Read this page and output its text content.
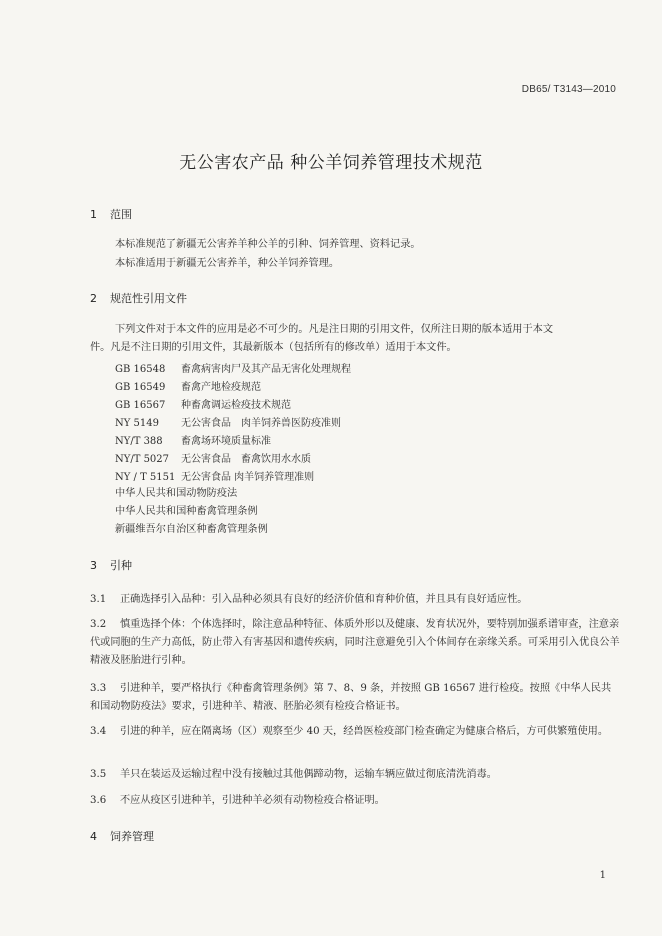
DB65/ T3143—2010
无公害农产品 种公羊饲养管理技术规范
1 范围
本标准规范了新疆无公害养羊种公羊的引种、饲养管理、资料记录。
本标准适用于新疆无公害养羊，种公羊饲养管理。
2 规范性引用文件
下列文件对于本文件的应用是必不可少的。凡是注日期的引用文件，仅所注日期的版本适用于本文
件。凡是不注日期的引用文件，其最新版本（包括所有的修改单）适用于本文件。
GB 16548 畜禽病害肉尸及其产品无害化处理规程
GB 16549 畜禽产地检疫规范
GB 16567 种畜禽调运检疫技术规范
NY 5149 无公害食品　肉羊饲养兽医防疫准则
NY/T 388 畜禽场环境质量标准
NY/T 5027 无公害食品　畜禽饮用水水质
NY / T 5151 无公害食品 肉羊饲养管理准则
中华人民共和国动物防疫法
中华人民共和国种畜禽管理条例
新疆维吾尔自治区种畜禽管理条例
3 引种
3.1 正确选择引入品种：引入品种必须具有良好的经济价值和育种价值，并且具有良好适应性。
3.2 慎重选择个体：个体选择时，除注意品种特征、体质外形以及健康、发育状况外，要特别加强系谱审查，注意亲代或同胞的生产力高低，防止带入有害基因和遗传疾病，同时注意避免引入个体间存在亲缘关系。可采用引入优良公羊精液及胚胎进行引种。
3.3 引进种羊，要严格执行《种畜禽管理条例》第 7、8、9 条，并按照 GB 16567 进行检疫。按照《中华人民共和国动物防疫法》要求，引进种羊、精液、胚胎必须有检疫合格证书。
3.4 引进的种羊，应在隔离场（区）观察至少 40 天，经兽医检疫部门检查确定为健康合格后，方可供繁殖使用。
3.5 羊只在装运及运输过程中没有接触过其他偶蹄动物，运输车辆应做过彻底清洗消毒。
3.6 不应从疫区引进种羊，引进种羊必须有动物检疫合格证明。
4 饲养管理
1
